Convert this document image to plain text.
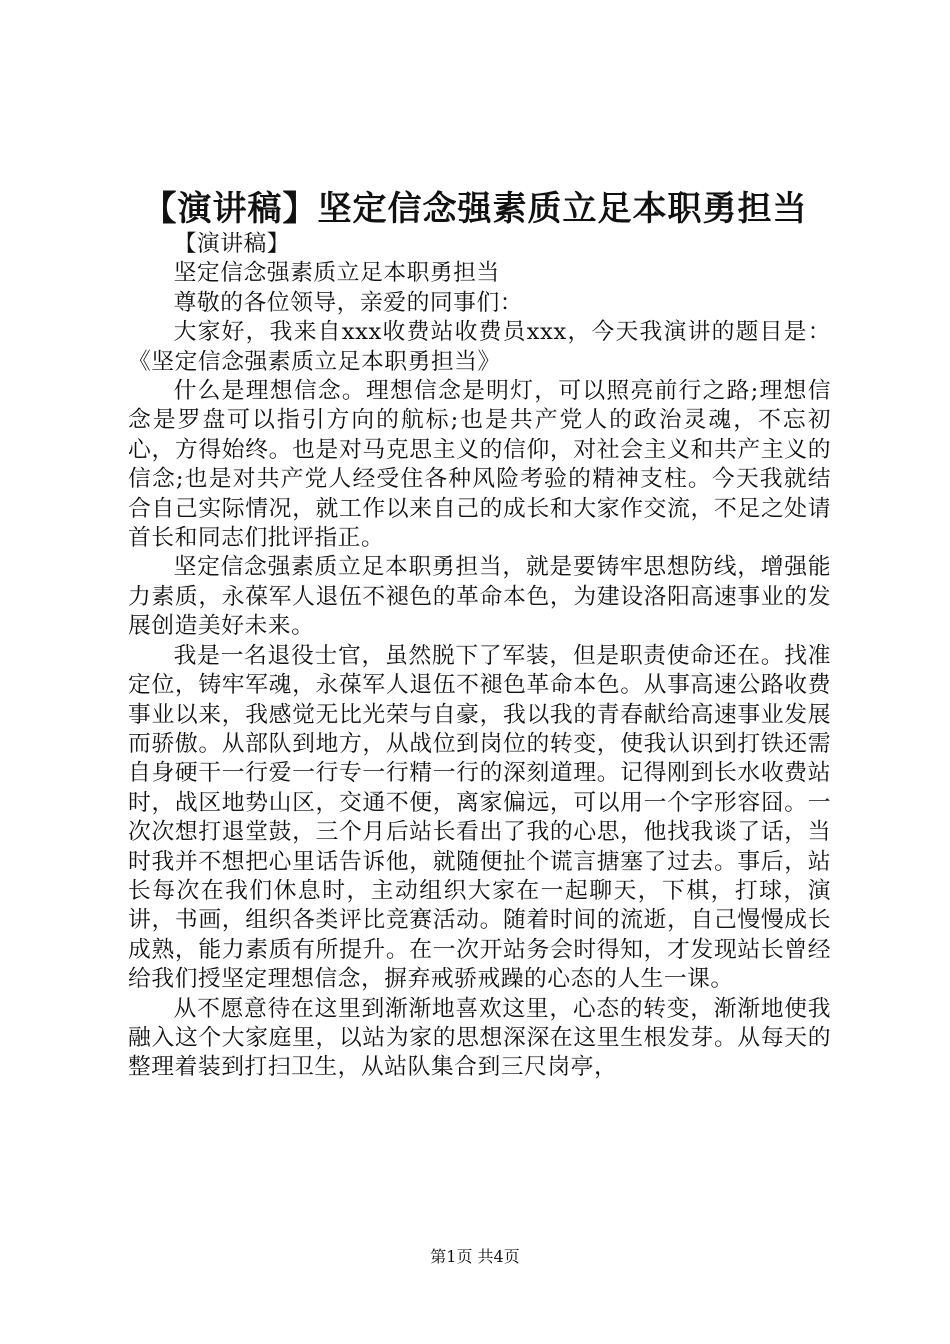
【演讲稿】坚定信念强素质立足本职勇担当

【演讲稿】

坚定信念强素质立足本职勇担当

尊敬的各位领导，亲爱的同事们：

大家好，我来自xxx收费站收费员xxx，今天我演讲的题目是：《坚定信念强素质立足本职勇担当》

什么是理想信念。理想信念是明灯，可以照亮前行之路;理想信念是罗盘可以指引方向的航标;也是共产党人的政治灵魂，不忘初心，方得始终。也是对马克思主义的信仰，对社会主义和共产主义的信念;也是对共产党人经受住各种风险考验的精神支柱。今天我就结合自己实际情况，就工作以来自己的成长和大家作交流，不足之处请首长和同志们批评指正。

坚定信念强素质立足本职勇担当，就是要铸牢思想防线，增强能力素质，永葆军人退伍不褪色的革命本色，为建设洛阳高速事业的发展创造美好未来。

我是一名退役士官，虽然脱下了军装，但是职责使命还在。找准定位，铸牢军魂，永葆军人退伍不褪色革命本色。从事高速公路收费事业以来，我感觉无比光荣与自豪，我以我的青春献给高速事业发展而骄傲。从部队到地方，从战位到岗位的转变，使我认识到打铁还需自身硬干一行爱一行专一行精一行的深刻道理。记得刚到长水收费站时，战区地势山区，交通不便，离家偏远，可以用一个字形容囧。一次次想打退堂鼓，三个月后站长看出了我的心思，他找我谈了话，当时我并不想把心里话告诉他，就随便扯个谎言搪塞了过去。事后，站长每次在我们休息时，主动组织大家在一起聊天，下棋，打球，演讲，书画，组织各类评比竞赛活动。随着时间的流逝，自己慢慢成长成熟，能力素质有所提升。在一次开站务会时得知，才发现站长曾经给我们授坚定理想信念，摒弃戒骄戒躁的心态的人生一课。

从不愿意待在这里到渐渐地喜欢这里，心态的转变，渐渐地使我融入这个大家庭里，以站为家的思想深深在这里生根发芽。从每天的整理着装到打扫卫生，从站队集合到三尺岗亭，

第1页 共4页
